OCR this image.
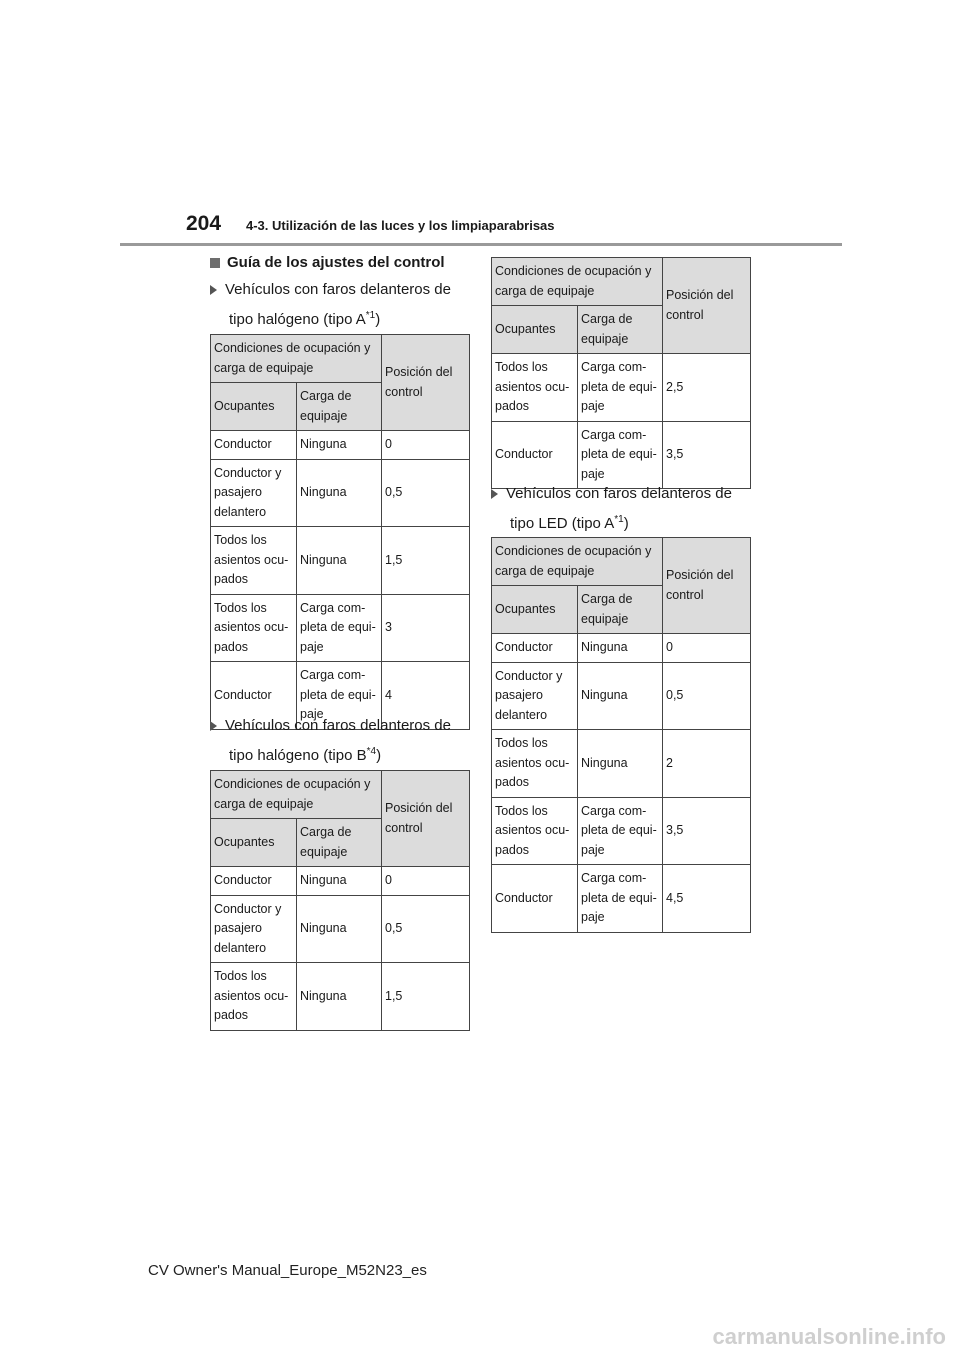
204 4-3. Utilización de las luces y los limpiaparabrisas
Guía de los ajustes del control
Vehículos con faros delanteros de
tipo halógeno (tipo $A^{*1}$)
Condiciones de ocupación y carga de equipaje		Posición del control
Ocupantes	Carga de equipaje	
Conductor	Ninguna	0
Conductor y pasajero delantero	Ninguna	0,5
Todos los asientos ocu-pados	Ninguna	1,5
Todos los asientos ocu-pados	Carga com-pleta de equi-paje	3
Conductor	Carga com-pleta de equi-paje	4
Vehículos con faros delanteros de
tipo halógeno (tipo $B^{*4}$)
Condiciones de ocupación y carga de equipaje		Posición del control
Ocupantes	Carga de equipaje	
Conductor	Ninguna	0
Conductor y pasajero delantero	Ninguna	0,5
Todos los asientos ocu-pados	Ninguna	1,5
Condiciones de ocupación y carga de equipaje		Posición del control
Ocupantes	Carga de equipaje	
Todos los asientos ocu-pados	Carga com-pleta de equi-paje	2,5
Conductor	Carga com-pleta de equi-paje	3,5
Vehículos con faros delanteros de
tipo LED (tipo $A^{*1}$)
Condiciones de ocupación y carga de equipaje		Posición del control
Ocupantes	Carga de equipaje	
Conductor	Ninguna	0
Conductor y pasajero delantero	Ninguna	0,5
Todos los asientos ocu-pados	Ninguna	2
Todos los asientos ocu-pados	Carga com-pleta de equi-paje	3,5
Conductor	Carga com-pleta de equi-paje	4,5
CV Owner's Manual_Europe_M52N23_es
carmanualsonline.info
